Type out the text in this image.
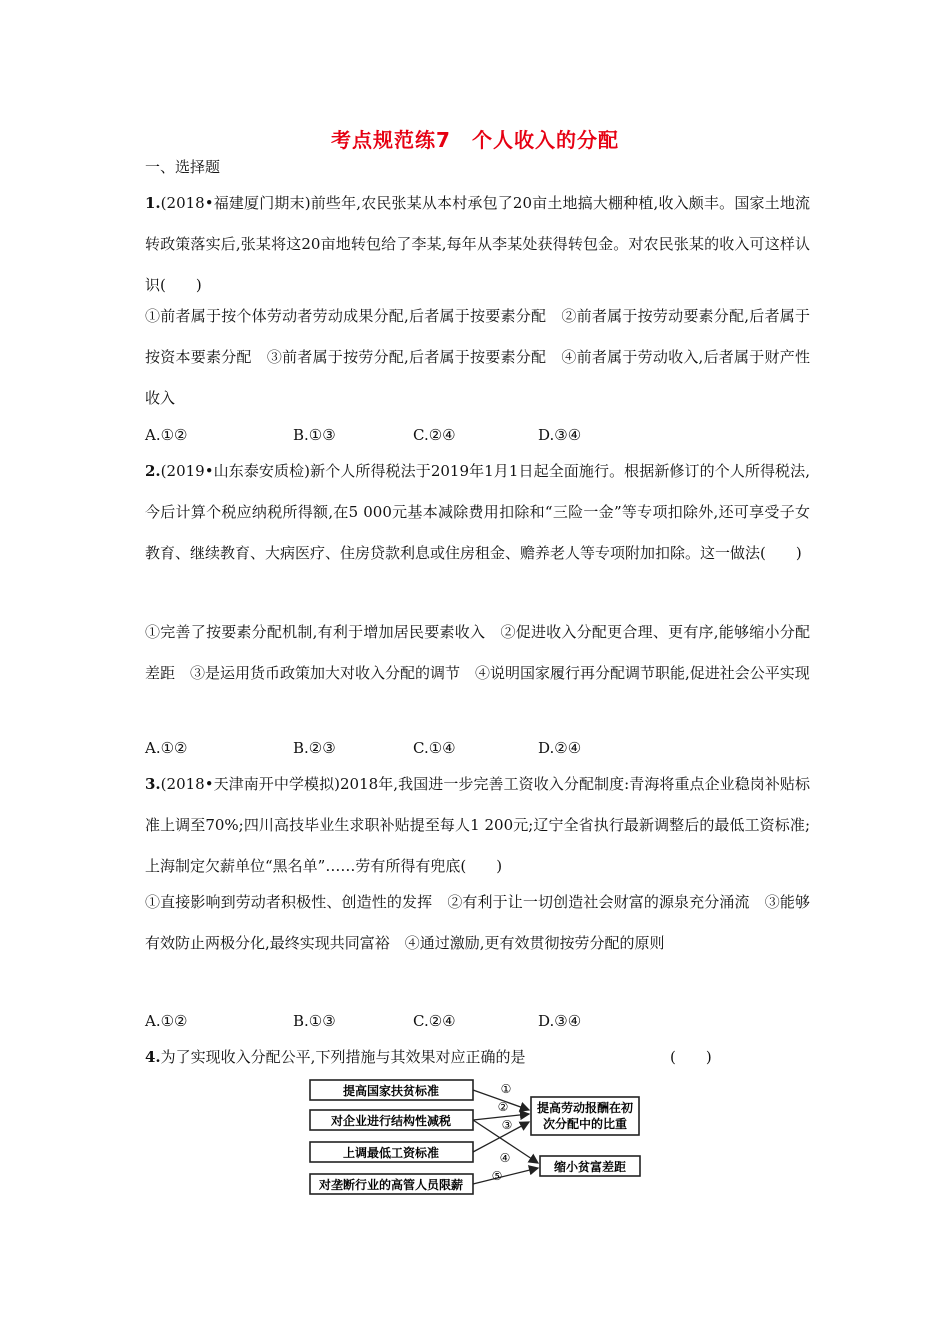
考点规范练7　个人收入的分配
一、选择题
1.(2018•福建厦门期末)前些年,农民张某从本村承包了20亩土地搞大棚种植,收入颇丰。国家土地流转政策落实后,张某将这20亩地转包给了李某,每年从李某处获得转包金。对农民张某的收入可这样认识(　　)
①前者属于按个体劳动者劳动成果分配,后者属于按要素分配　②前者属于按劳动要素分配,后者属于按资本要素分配　③前者属于按劳分配,后者属于按要素分配　④前者属于劳动收入,后者属于财产性收入
A.①②	B.①③	C.②④	D.③④
2.(2019•山东泰安质检)新个人所得税法于2019年1月1日起全面施行。根据新修订的个人所得税法,今后计算个税应纳税所得额,在5 000元基本减除费用扣除和“三险一金”等专项扣除外,还可享受子女教育、继续教育、大病医疗、住房贷款利息或住房租金、赡养老人等专项附加扣除。这一做法(　　)
①完善了按要素分配机制,有利于增加居民要素收入　②促进收入分配更合理、更有序,能够缩小分配差距　③是运用货币政策加大对收入分配的调节　④说明国家履行再分配调节职能,促进社会公平实现
A.①②	B.②③	C.①④	D.②④
3.(2018•天津南开中学模拟)2018年,我国进一步完善工资收入分配制度:青海将重点企业稳岗补贴标准上调至70%;四川高技毕业生求职补贴提至每人1 200元;辽宁全省执行最新调整后的最低工资标准;上海制定欠薪单位“黑名单”……劳有所得有兜底(　　)
①直接影响到劳动者积极性、创造性的发挥　②有利于让一切创造社会财富的源泉充分涌流　③能够有效防止两极分化,最终实现共同富裕　④通过激励,更有效贯彻按劳分配的原则
A.①②	B.①③	C.②④	D.③④
4.为了实现收入分配公平,下列措施与其效果对应正确的是	(　　)
提高国家扶贫标准
对企业进行结构性减税
上调最低工资标准
对垄断行业的高管人员限薪
提高劳动报酬在初
次分配中的比重
缩小贫富差距
①
②
③
④
⑤
